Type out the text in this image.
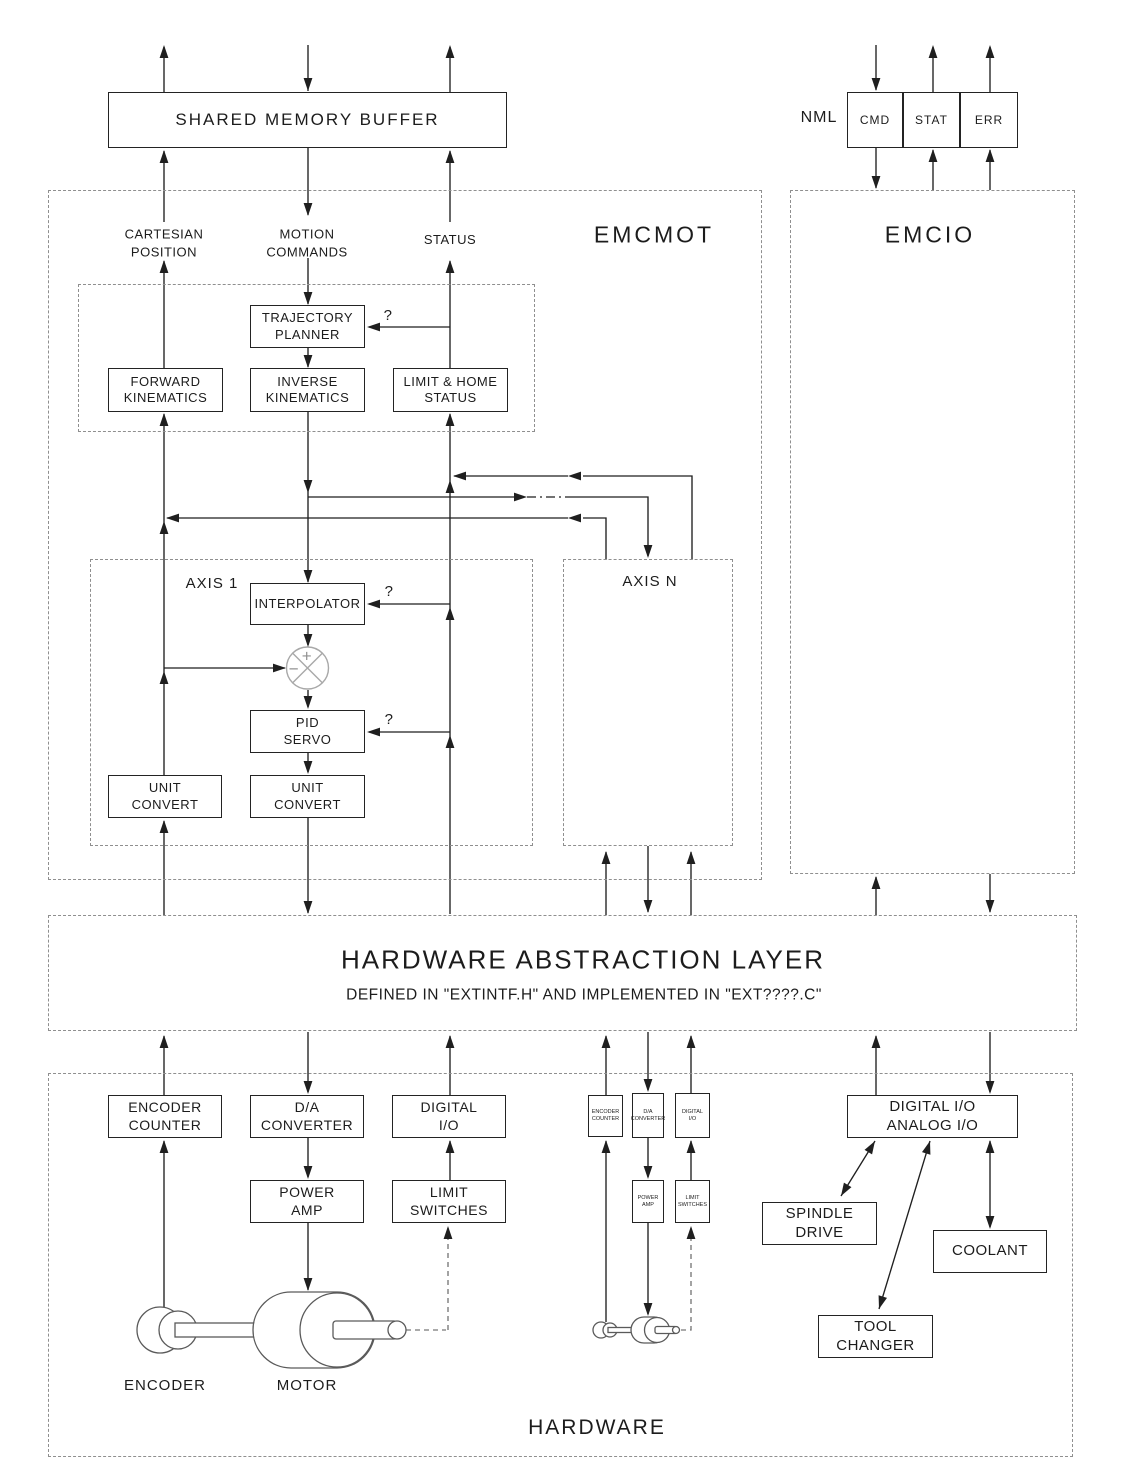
SHARED MEMORY BUFFER	CMD STAT ERR
TRAJECTORY
PLANNER
FORWARD
KINEMATICS
INVERSE
KINEMATICS
LIMIT & HOME
STATUS
INTERPOLATOR
PID
SERVO
UNIT
CONVERT
UNIT
CONVERT
ENCODER
COUNTER
D/A
CONVERTER
DIGITAL
I/O
POWER
AMP
LIMIT
SWITCHES
ENCODER
COUNTER
D/A
CONVERTER
DIGITAL
I/O
POWER
AMP
LIMIT
SWITCHES
DIGITAL I/O
ANALOG I/O
SPINDLE DRIVE
COOLANT
TOOL
CHANGER
NML
CARTESIAN
POSITION
MOTION
COMMANDS
STATUS	EMCMOT	EMCIO
AXIS 1	AXIS N
HARDWARE ABSTRACTION LAYER
DEFINED IN "EXTINTF.H" AND IMPLEMENTED IN "EXT????.C"
HARDWARE
?
?
?
ENCODER	MOTOR
+
−
